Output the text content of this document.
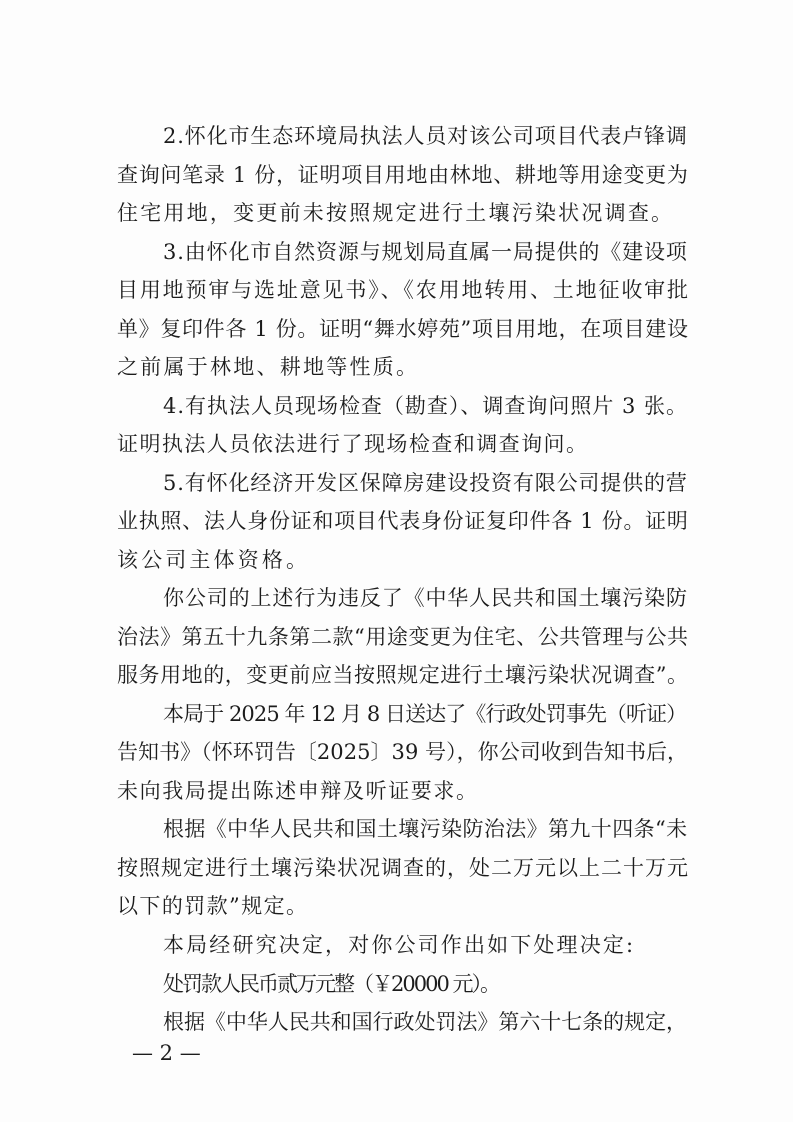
2.怀化市生态环境局执法人员对该公司项目代表卢锋调
查询问笔录 1 份，证明项目用地由林地、耕地等用途变更为
住宅用地，变更前未按照规定进行土壤污染状况调查。
3.由怀化市自然资源与规划局直属一局提供的《建设项
目用地预审与选址意见书》、《农用地转用、土地征收审批
单》复印件各 1 份。证明“舞水婷苑”项目用地，在项目建设
之前属于林地、耕地等性质。
4.有执法人员现场检查（勘查）、调查询问照片 3 张。
证明执法人员依法进行了现场检查和调查询问。
5.有怀化经济开发区保障房建设投资有限公司提供的营
业执照、法人身份证和项目代表身份证复印件各 1 份。证明
该公司主体资格。
你公司的上述行为违反了《中华人民共和国土壤污染防
治法》第五十九条第二款“用途变更为住宅、公共管理与公共
服务用地的，变更前应当按照规定进行土壤污染状况调查”。
本局于 2025 年 12 月 8 日送达了《行政处罚事先（听证）
告知书》（怀环罚告〔2025〕39 号），你公司收到告知书后，
未向我局提出陈述申辩及听证要求。
根据《中华人民共和国土壤污染防治法》第九十四条“未
按照规定进行土壤污染状况调查的，处二万元以上二十万元
以下的罚款”规定。
本局经研究决定，对你公司作出如下处理决定:
处罚款人民币贰万元整（￥20000 元）。
根据《中华人民共和国行政处罚法》第六十七条的规定，
— 2 —
